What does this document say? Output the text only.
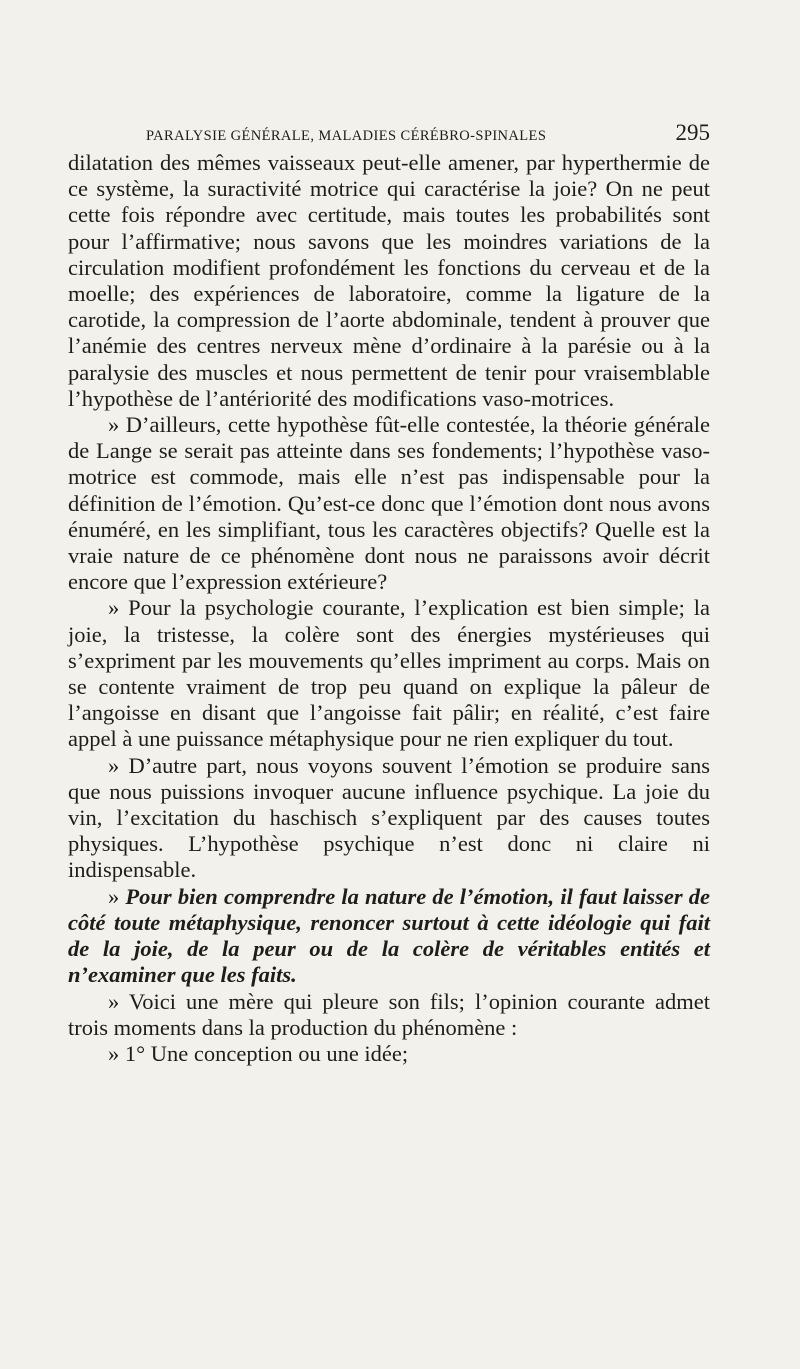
PARALYSIE GÉNÉRALE, MALADIES CÉRÉBRO-SPINALES	295

dilatation des mêmes vaisseaux peut-elle amener, par hyperthermie de ce système, la suractivité motrice qui caractérise la joie? On ne peut cette fois répondre avec certitude, mais toutes les probabilités sont pour l’affirmative; nous savons que les moindres variations de la circulation modifient profondément les fonctions du cerveau et de la moelle; des expériences de laboratoire, comme la ligature de la carotide, la compression de l’aorte abdominale, tendent à prouver que l’anémie des centres nerveux mène d’ordinaire à la parésie ou à la paralysie des muscles et nous permettent de tenir pour vraisemblable l’hypothèse de l’antériorité des modifications vaso-motrices.

» D’ailleurs, cette hypothèse fût-elle contestée, la théorie générale de Lange se serait pas atteinte dans ses fondements; l’hypothèse vaso-motrice est commode, mais elle n’est pas indispensable pour la définition de l’émotion. Qu’est-ce donc que l’émotion dont nous avons énuméré, en les simplifiant, tous les caractères objectifs? Quelle est la vraie nature de ce phénomène dont nous ne paraissons avoir décrit encore que l’expression extérieure?

» Pour la psychologie courante, l’explication est bien simple; la joie, la tristesse, la colère sont des énergies mystérieuses qui s’expriment par les mouvements qu’elles impriment au corps. Mais on se contente vraiment de trop peu quand on explique la pâleur de l’angoisse en disant que l’angoisse fait pâlir; en réalité, c’est faire appel à une puissance métaphysique pour ne rien expliquer du tout.

» D’autre part, nous voyons souvent l’émotion se produire sans que nous puissions invoquer aucune influence psychique. La joie du vin, l’excitation du haschisch s’expliquent par des causes toutes physiques. L’hypothèse psychique n’est donc ni claire ni indispensable.

» Pour bien comprendre la nature de l’émotion, il faut laisser de côté toute métaphysique, renoncer surtout à cette idéologie qui fait de la joie, de la peur ou de la colère de véritables entités et n’examiner que les faits.

» Voici une mère qui pleure son fils; l’opinion courante admet trois moments dans la production du phénomène :

» 1° Une conception ou une idée;
